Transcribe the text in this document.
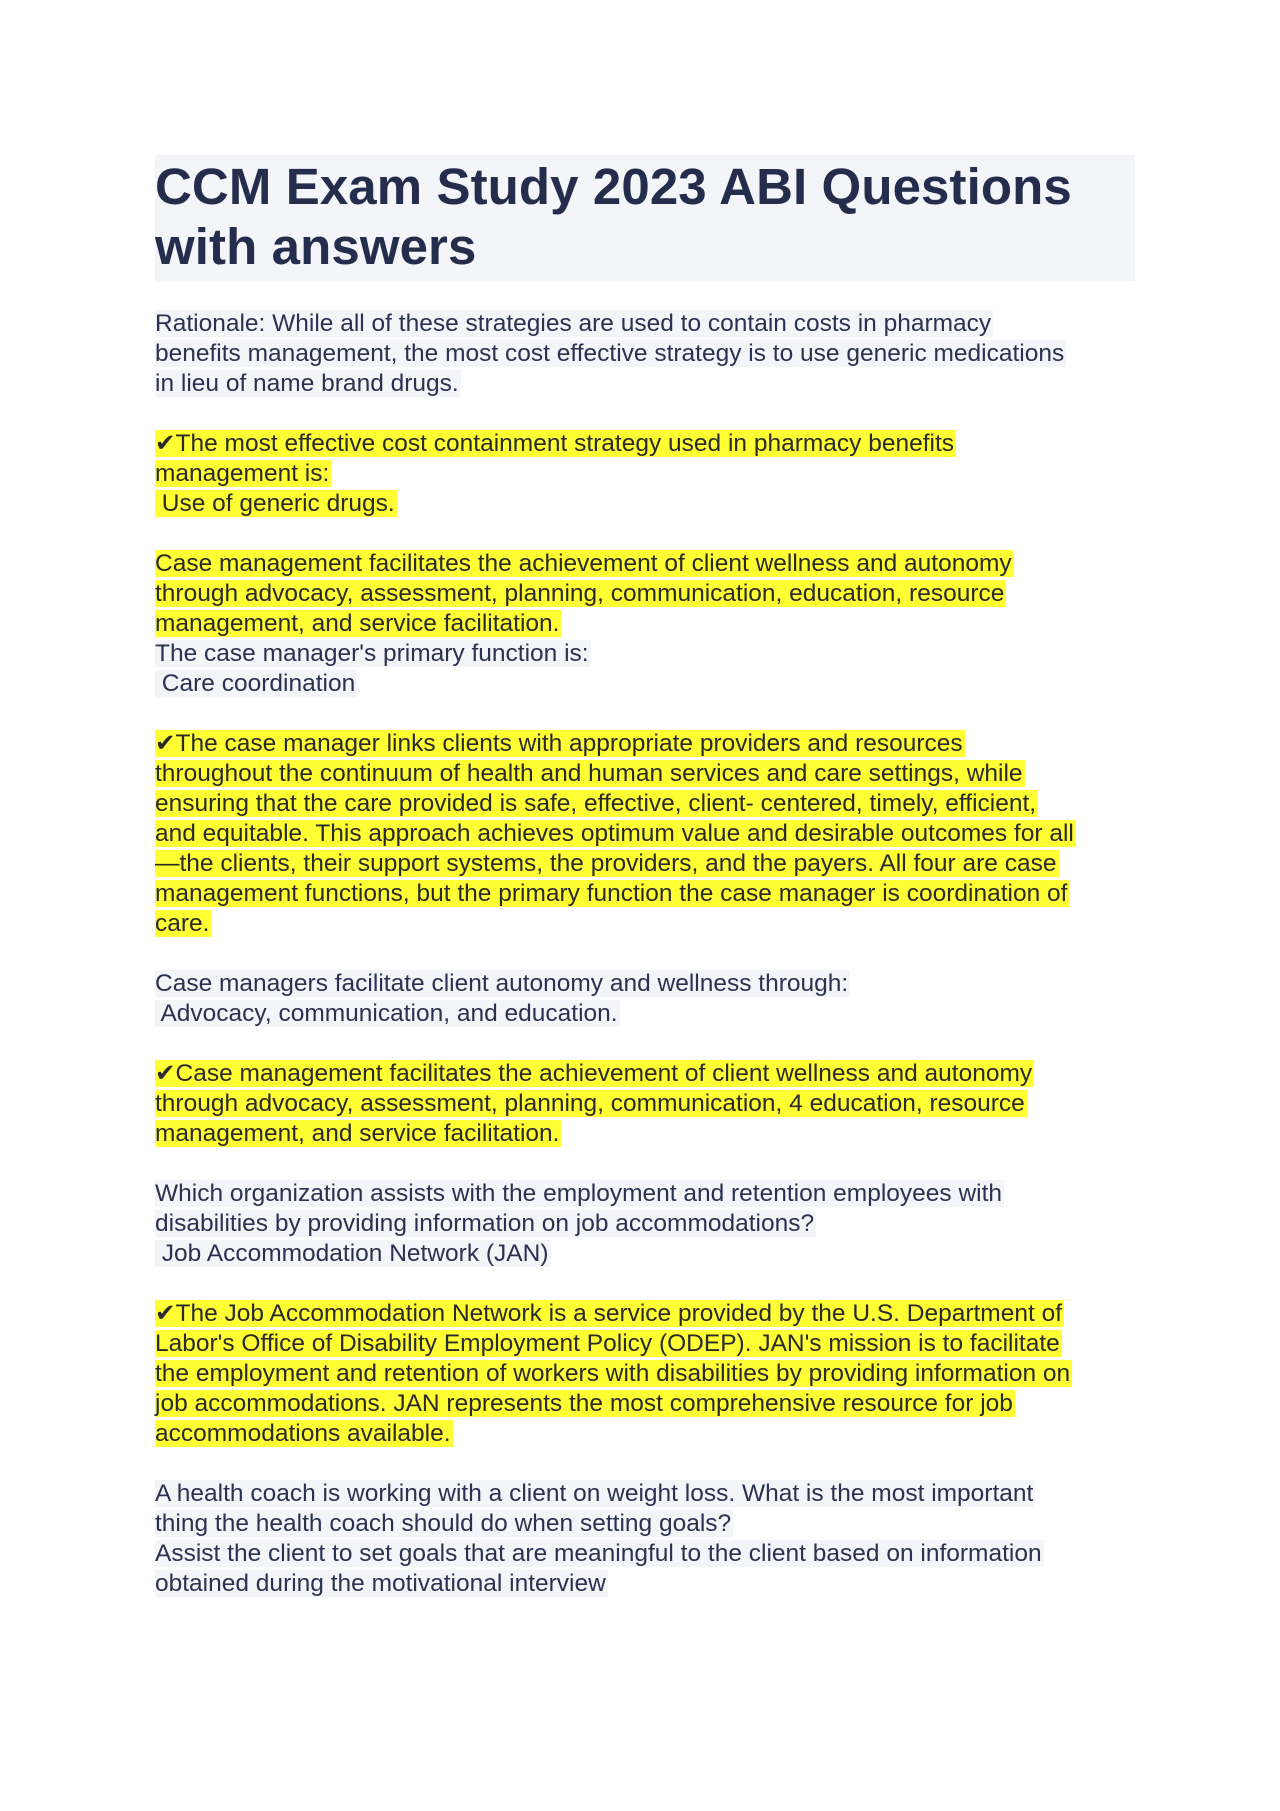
CCM Exam Study 2023 ABI Questions
with answers
Rationale: While all of these strategies are used to contain costs in pharmacy
benefits management, the most cost effective strategy is to use generic medications
in lieu of name brand drugs.
✔The most effective cost containment strategy used in pharmacy benefits
management is:
Use of generic drugs.
Case management facilitates the achievement of client wellness and autonomy
through advocacy, assessment, planning, communication, education, resource
management, and service facilitation.
The case manager's primary function is:
Care coordination
✔The case manager links clients with appropriate providers and resources
throughout the continuum of health and human services and care settings, while
ensuring that the care provided is safe, effective, client- centered, timely, efficient,
and equitable. This approach achieves optimum value and desirable outcomes for all
—the clients, their support systems, the providers, and the payers. All four are case
management functions, but the primary function the case manager is coordination of
care.
Case managers facilitate client autonomy and wellness through:
Advocacy, communication, and education.
✔Case management facilitates the achievement of client wellness and autonomy
through advocacy, assessment, planning, communication, 4 education, resource
management, and service facilitation.
Which organization assists with the employment and retention employees with
disabilities by providing information on job accommodations?
Job Accommodation Network (JAN)
✔The Job Accommodation Network is a service provided by the U.S. Department of
Labor's Office of Disability Employment Policy (ODEP). JAN's mission is to facilitate
the employment and retention of workers with disabilities by providing information on
job accommodations. JAN represents the most comprehensive resource for job
accommodations available.
A health coach is working with a client on weight loss. What is the most important
thing the health coach should do when setting goals?
Assist the client to set goals that are meaningful to the client based on information
obtained during the motivational interview
